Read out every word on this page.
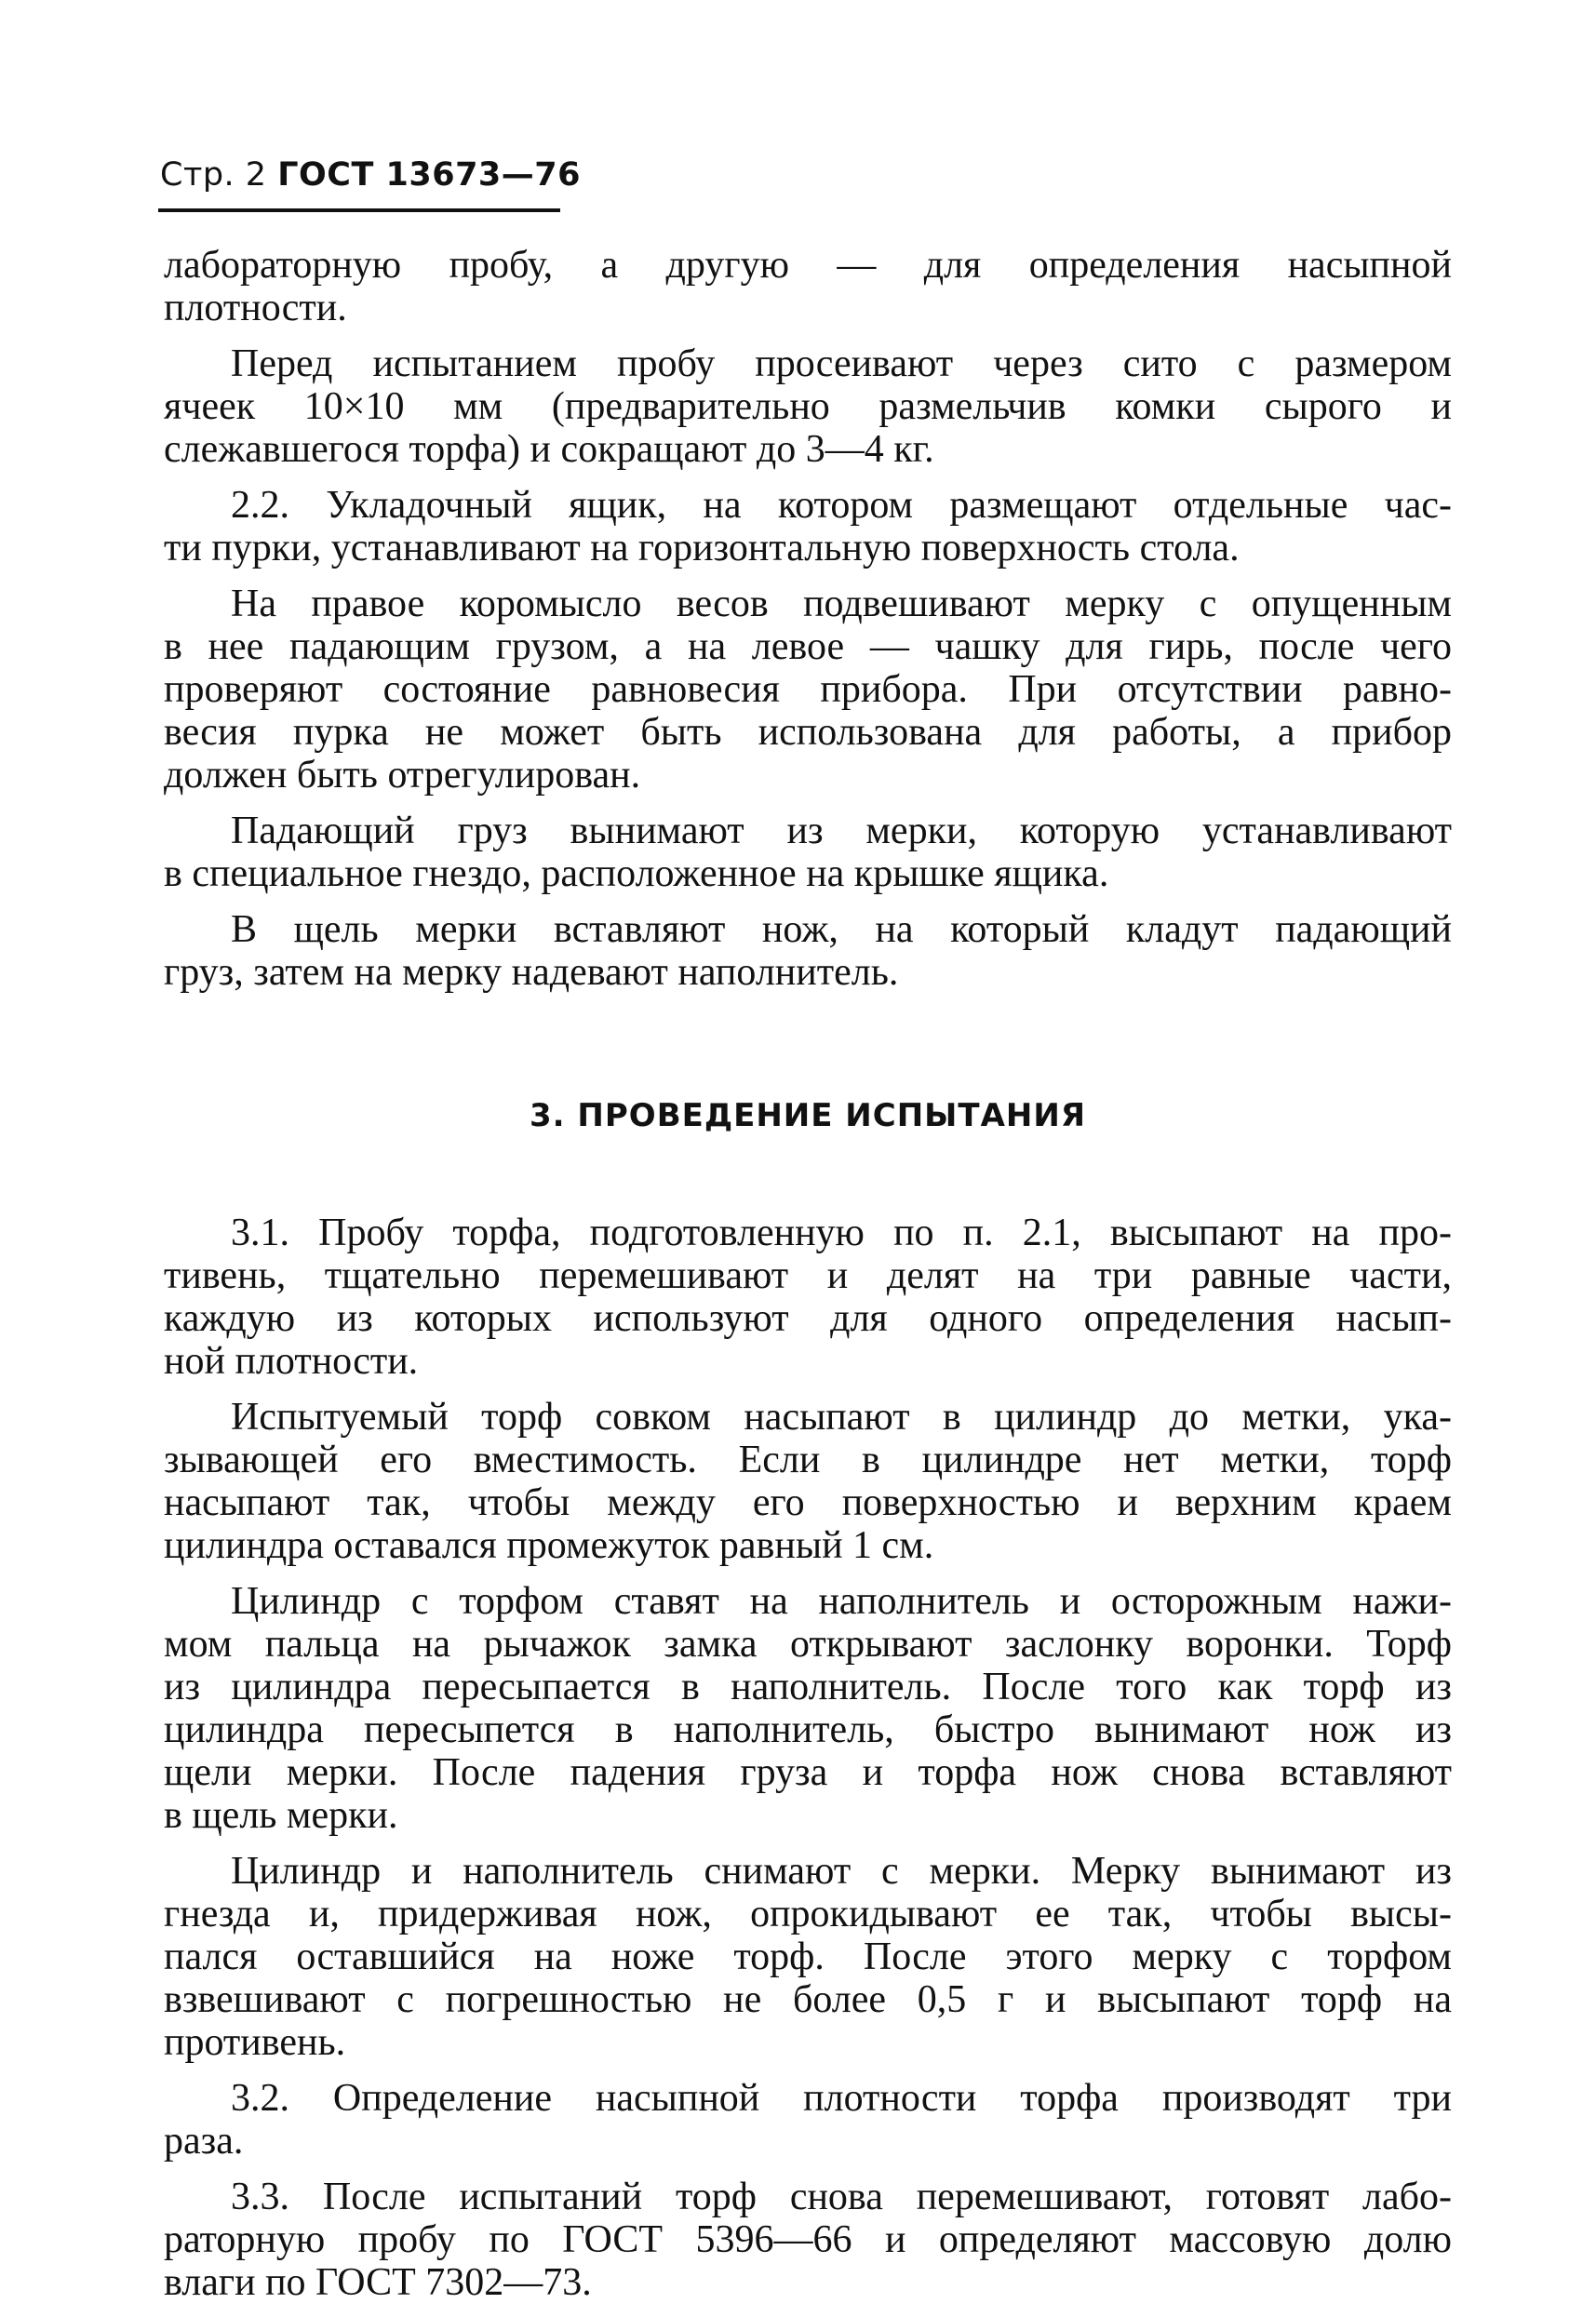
Стр. 2 ГОСТ 13673—76

лабораторную пробу, а другую — для определения насыпной
плотности.

Перед испытанием пробу просеивают через сито с размером
ячеек 10×10 мм (предварительно размельчив комки сырого и
слежавшегося торфа) и сокращают до 3—4 кг.

2.2. Укладочный ящик, на котором размещают отдельные час-
ти пурки, устанавливают на горизонтальную поверхность стола.

На правое коромысло весов подвешивают мерку с опущенным
в нее падающим грузом, а на левое — чашку для гирь, после чего
проверяют состояние равновесия прибора. При отсутствии равно-
весия пурка не может быть использована для работы, а прибор
должен быть отрегулирован.

Падающий груз вынимают из мерки, которую устанавливают
в специальное гнездо, расположенное на крышке ящика.

В щель мерки вставляют нож, на который кладут падающий
груз, затем на мерку надевают наполнитель.

3. ПРОВЕДЕНИЕ ИСПЫТАНИЯ

3.1. Пробу торфа, подготовленную по п. 2.1, высыпают на про-
тивень, тщательно перемешивают и делят на три равные части,
каждую из которых используют для одного определения насып-
ной плотности.

Испытуемый торф совком насыпают в цилиндр до метки, ука-
зывающей его вместимость. Если в цилиндре нет метки, торф
насыпают так, чтобы между его поверхностью и верхним краем
цилиндра оставался промежуток равный 1 см.

Цилиндр с торфом ставят на наполнитель и осторожным нажи-
мом пальца на рычажок замка открывают заслонку воронки. Торф
из цилиндра пересыпается в наполнитель. После того как торф из
цилиндра пересыпется в наполнитель, быстро вынимают нож из
щели мерки. После падения груза и торфа нож снова вставляют
в щель мерки.

Цилиндр и наполнитель снимают с мерки. Мерку вынимают из
гнезда и, придерживая нож, опрокидывают ее так, чтобы высы-
пался оставшийся на ноже торф. После этого мерку с торфом
взвешивают с погрешностью не более 0,5 г и высыпают торф на
противень.

3.2. Определение насыпной плотности торфа производят три
раза.

3.3. После испытаний торф снова перемешивают, готовят лабо-
раторную пробу по ГОСТ 5396—66 и определяют массовую долю
влаги по ГОСТ 7302—73.
